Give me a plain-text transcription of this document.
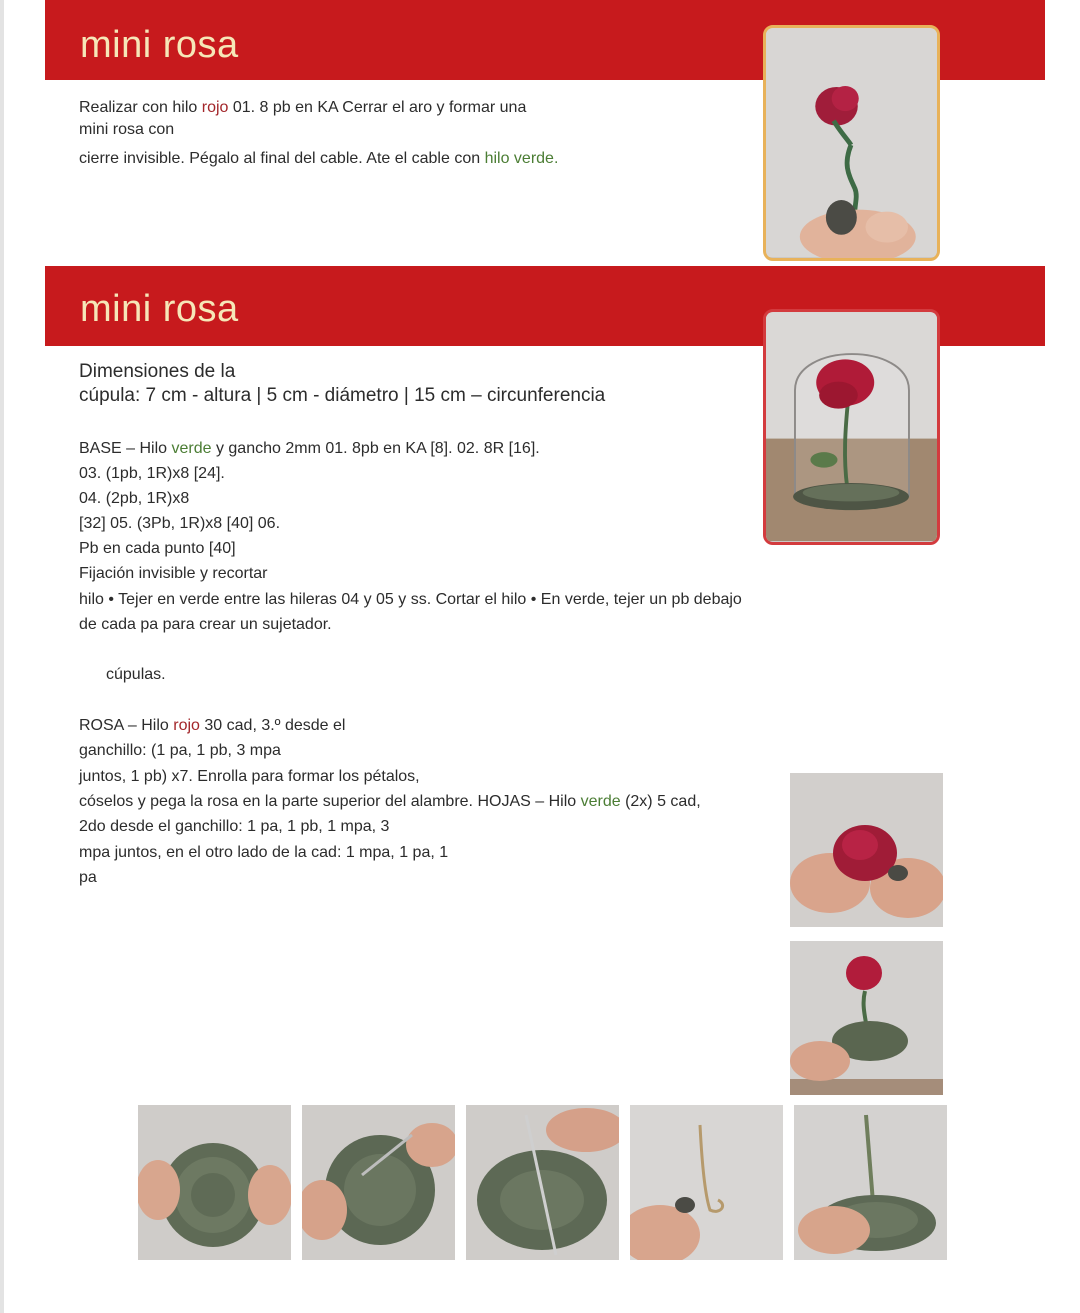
mini rosa
Realizar con hilo rojo 01. 8 pb en KA Cerrar el aro y formar una
mini rosa con
cierre invisible. Pégalo al final del cable. Ate el cable con hilo verde.
mini rosa
Dimensiones de la
cúpula: 7 cm - altura | 5 cm - diámetro | 15 cm – circunferencia
BASE – Hilo verde y gancho 2mm 01. 8pb en KA [8]. 02. 8R [16].
03. (1pb, 1R)x8 [24].
04. (2pb, 1R)x8
[32] 05. (3Pb, 1R)x8 [40] 06.
Pb en cada punto [40]
Fijación invisible y recortar
hilo • Tejer en verde entre las hileras 04 y 05 y ss. Cortar el hilo • En verde, tejer un pb debajo
de cada pa para crear un sujetador.
cúpulas.
ROSA – Hilo rojo 30 cad, 3.º desde el
ganchillo: (1 pa, 1 pb, 3 mpa
juntos, 1 pb) x7. Enrolla para formar los pétalos,
cóselos y pega la rosa en la parte superior del alambre. HOJAS – Hilo verde (2x) 5 cad,
2do desde el ganchillo: 1 pa, 1 pb, 1 mpa, 3
mpa juntos, en el otro lado de la cad: 1 mpa, 1 pa, 1
pa
